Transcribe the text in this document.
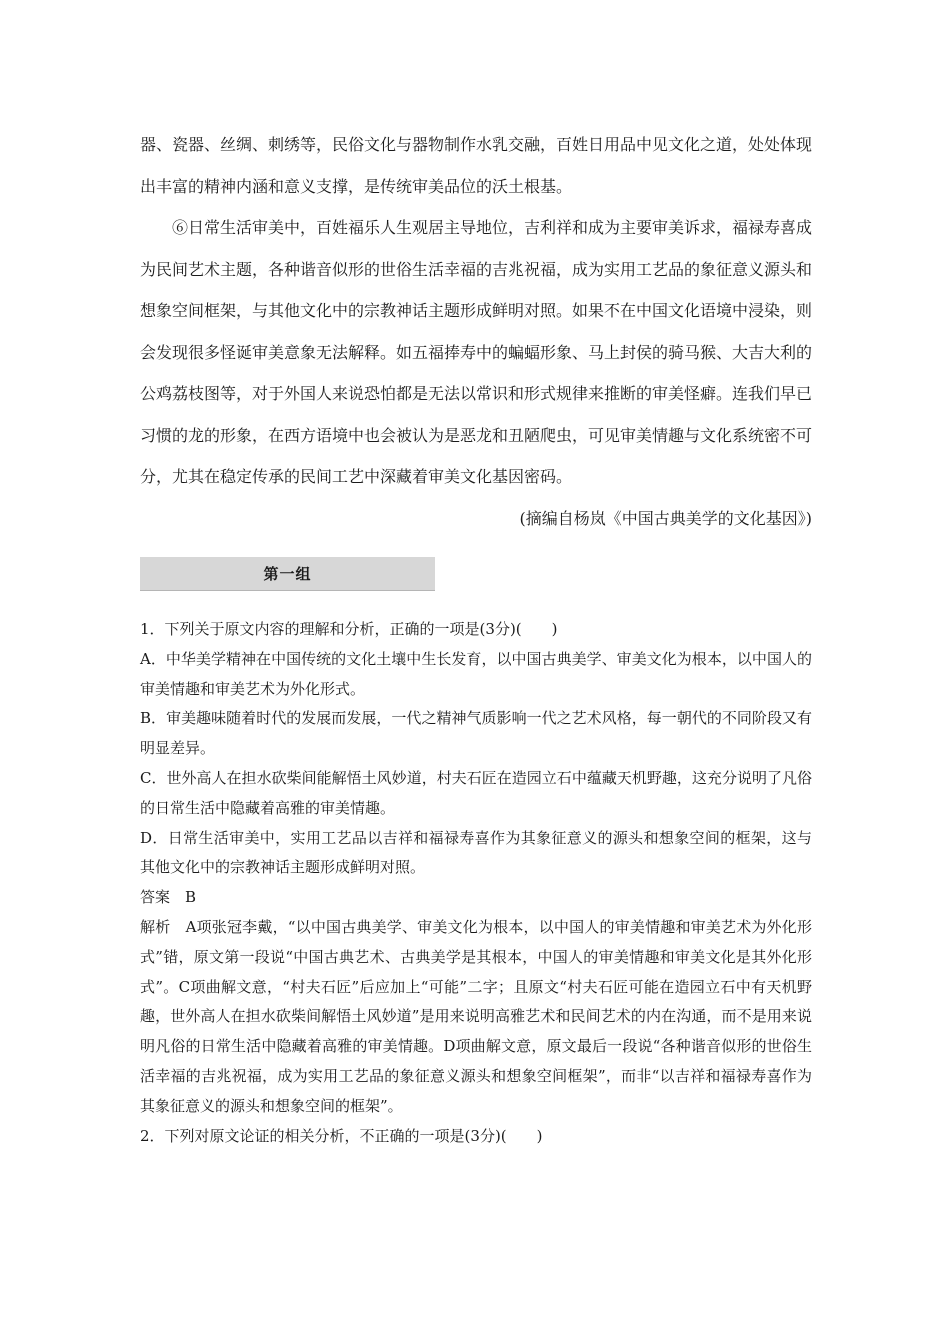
器、瓷器、丝绸、刺绣等，民俗文化与器物制作水乳交融，百姓日用品中见文化之道，处处体现出丰富的精神内涵和意义支撑，是传统审美品位的沃土根基。

⑥日常生活审美中，百姓福乐人生观居主导地位，吉利祥和成为主要审美诉求，福禄寿喜成为民间艺术主题，各种谐音似形的世俗生活幸福的吉兆祝福，成为实用工艺品的象征意义源头和想象空间框架，与其他文化中的宗教神话主题形成鲜明对照。如果不在中国文化语境中浸染，则会发现很多怪诞审美意象无法解释。如五福捧寿中的蝙蝠形象、马上封侯的骑马猴、大吉大利的公鸡荔枝图等，对于外国人来说恐怕都是无法以常识和形式规律来推断的审美怪癖。连我们早已习惯的龙的形象，在西方语境中也会被认为是恶龙和丑陋爬虫，可见审美情趣与文化系统密不可分，尤其在稳定传承的民间工艺中深藏着审美文化基因密码。

(摘编自杨岚《中国古典美学的文化基因》)

第一组

1．下列关于原文内容的理解和分析，正确的一项是(3分)(　　)

A．中华美学精神在中国传统的文化土壤中生长发育，以中国古典美学、审美文化为根本，以中国人的审美情趣和审美艺术为外化形式。

B．审美趣味随着时代的发展而发展，一代之精神气质影响一代之艺术风格，每一朝代的不同阶段又有明显差异。

C．世外高人在担水砍柴间能解悟土风妙道，村夫石匠在造园立石中蕴藏天机野趣，这充分说明了凡俗的日常生活中隐藏着高雅的审美情趣。

D．日常生活审美中，实用工艺品以吉祥和福禄寿喜作为其象征意义的源头和想象空间的框架，这与其他文化中的宗教神话主题形成鲜明对照。

答案　B

解析　A项张冠李戴，“以中国古典美学、审美文化为根本，以中国人的审美情趣和审美艺术为外化形式”错，原文第一段说“中国古典艺术、古典美学是其根本，中国人的审美情趣和审美文化是其外化形式”。C项曲解文意，“村夫石匠”后应加上“可能”二字；且原文“村夫石匠可能在造园立石中有天机野趣，世外高人在担水砍柴间解悟土风妙道”是用来说明高雅艺术和民间艺术的内在沟通，而不是用来说明凡俗的日常生活中隐藏着高雅的审美情趣。D项曲解文意，原文最后一段说“各种谐音似形的世俗生活幸福的吉兆祝福，成为实用工艺品的象征意义源头和想象空间框架”，而非“以吉祥和福禄寿喜作为其象征意义的源头和想象空间的框架”。

2．下列对原文论证的相关分析，不正确的一项是(3分)(　　)
